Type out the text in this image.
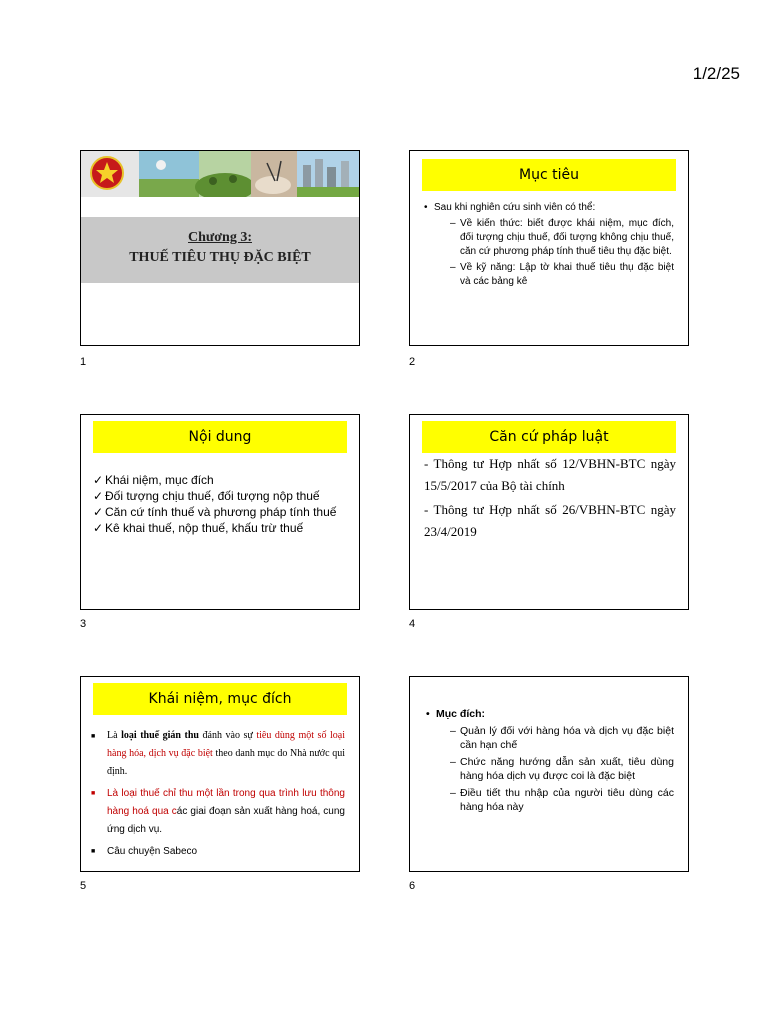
1/2/25
Chương 3:
THUẾ TIÊU THỤ ĐẶC BIỆT
1
Mục tiêu
• Sau khi nghiên cứu sinh viên có thể:
– Về kiến thức: biết được khái niệm, mục đích, đối tượng chịu thuế, đối tượng không chịu thuế, căn cứ phương pháp tính thuế tiêu thụ đặc biệt.
– Về kỹ năng: Lập tờ khai thuế tiêu thụ đặc biệt và các bảng kê
2
Nội dung
✓ Khái niệm, mục đích
✓ Đối tượng chịu thuế, đối tượng nộp thuế
✓ Căn cứ tính thuế và phương pháp tính thuế
✓ Kê khai thuế, nộp thuế, khấu trừ thuế
3
Căn cứ pháp luật
- Thông tư Hợp nhất số 12/VBHN-BTC ngày 15/5/2017 của Bộ tài chính
- Thông tư Hợp nhất số 26/VBHN-BTC ngày 23/4/2019
4
Khái niệm, mục đích
■ Là loại thuế gián thu đánh vào sự tiêu dùng một số loại hàng hóa, dịch vụ đặc biệt theo danh mục do Nhà nước qui định.
■ Là loại thuế chỉ thu một lần trong qua trình lưu thông hàng hoá qua các giai đoạn sản xuất hàng hoá, cung ứng dịch vụ.
■ Câu chuyện Sabeco
5
• Mục đích:
– Quản lý đối với hàng hóa và dịch vụ đặc biệt cần hạn chế
– Chức năng hướng dẫn sản xuất, tiêu dùng hàng hóa dịch vụ được coi là đặc biệt
– Điều tiết thu nhập của người tiêu dùng các hàng hóa này
6
